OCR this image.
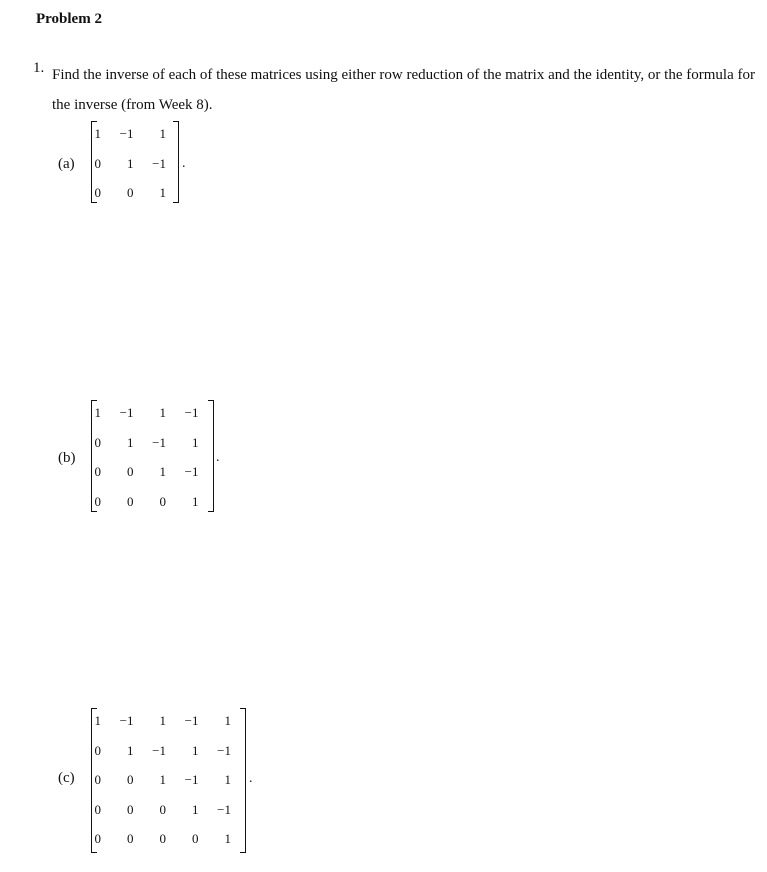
Problem 2
1. Find the inverse of each of these matrices using either row reduction of the matrix and the identity, or the formula for the inverse (from Week 8).
(a)
1	−1	1
0	1	−1
0	0	1
.
(b)
1	−1	1	−1
0	1	−1	1
0	0	1	−1
0	0	0	1
.
(c)
1	−1	1	−1	1
0	1	−1	1	−1
0	0	1	−1	1
0	0	0	1	−1
0	0	0	0	1
.
